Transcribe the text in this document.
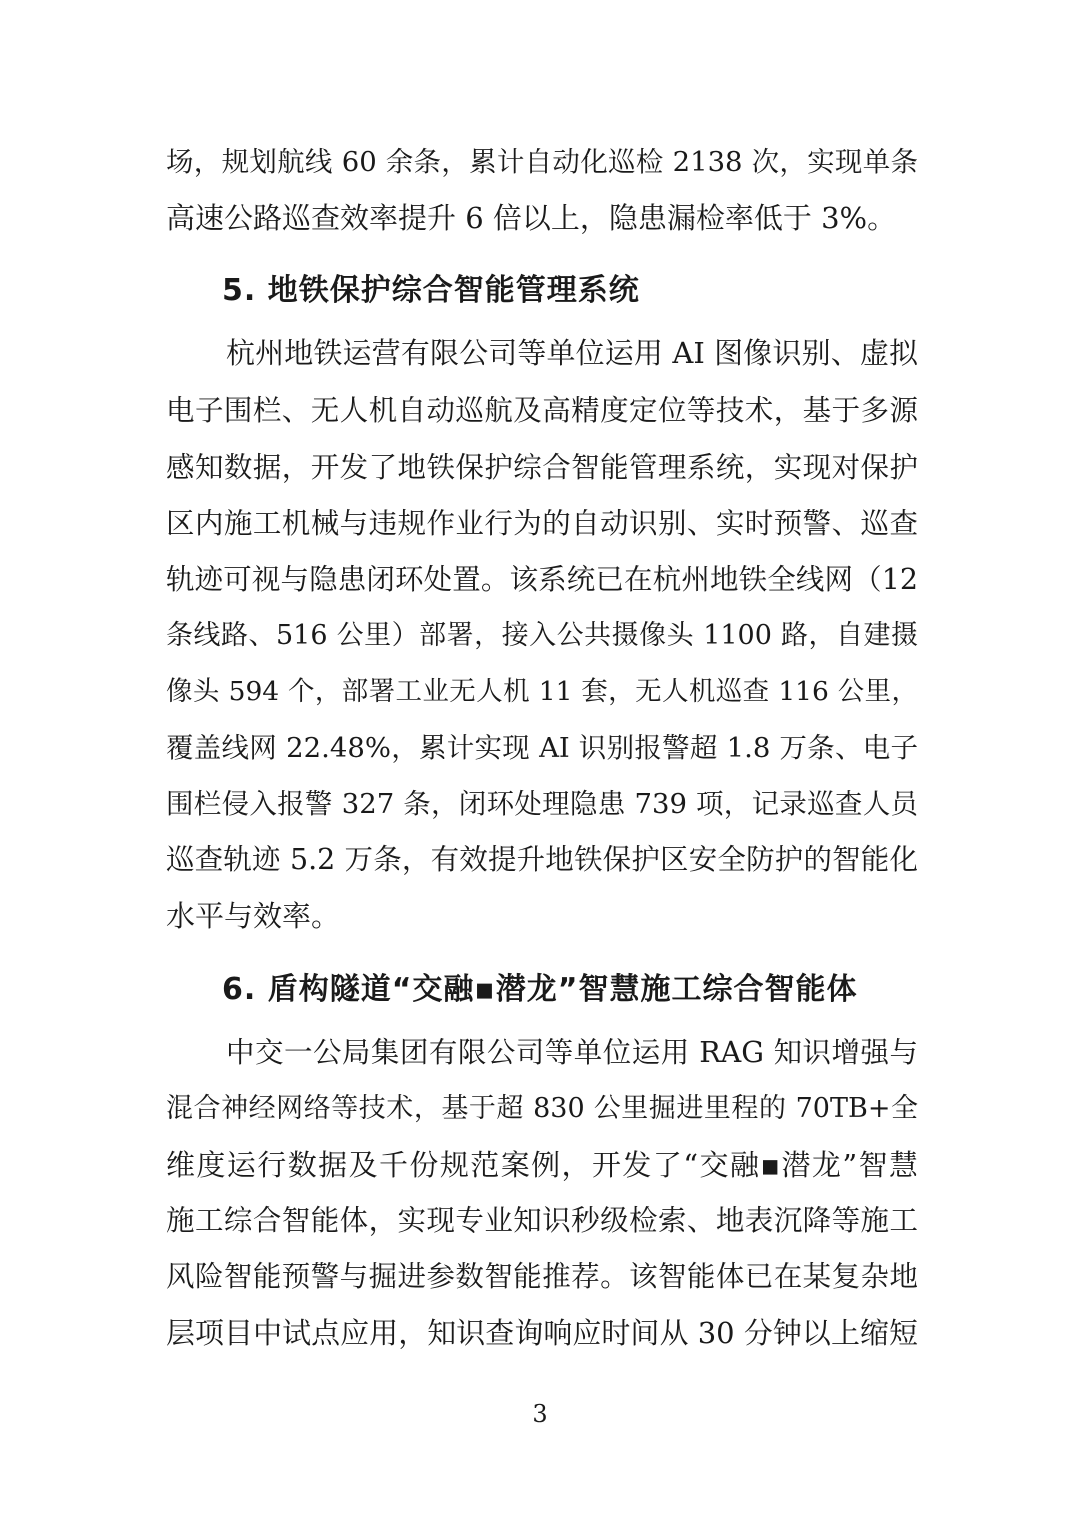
场，规划航线 60 余条，累计自动化巡检 2138 次，实现单条
高速公路巡查效率提升 6 倍以上，隐患漏检率低于 3%。
5. 地铁保护综合智能管理系统
杭州地铁运营有限公司等单位运用 AI 图像识别、虚拟
电子围栏、无人机自动巡航及高精度定位等技术，基于多源
感知数据，开发了地铁保护综合智能管理系统，实现对保护
区内施工机械与违规作业行为的自动识别、实时预警、巡查
轨迹可视与隐患闭环处置。该系统已在杭州地铁全线网（12
条线路、516 公里）部署，接入公共摄像头 1100 路，自建摄
像头 594 个，部署工业无人机 11 套，无人机巡查 116 公里，
覆盖线网 22.48%，累计实现 AI 识别报警超 1.8 万条、电子
围栏侵入报警 327 条，闭环处理隐患 739 项，记录巡查人员
巡查轨迹 5.2 万条，有效提升地铁保护区安全防护的智能化
水平与效率。
6. 盾构隧道“交融▪潜龙”智慧施工综合智能体
中交一公局集团有限公司等单位运用 RAG 知识增强与
混合神经网络等技术，基于超 830 公里掘进里程的 70TB+全
维度运行数据及千份规范案例，开发了“交融▪潜龙”智慧
施工综合智能体，实现专业知识秒级检索、地表沉降等施工
风险智能预警与掘进参数智能推荐。该智能体已在某复杂地
层项目中试点应用，知识查询响应时间从 30 分钟以上缩短
3
